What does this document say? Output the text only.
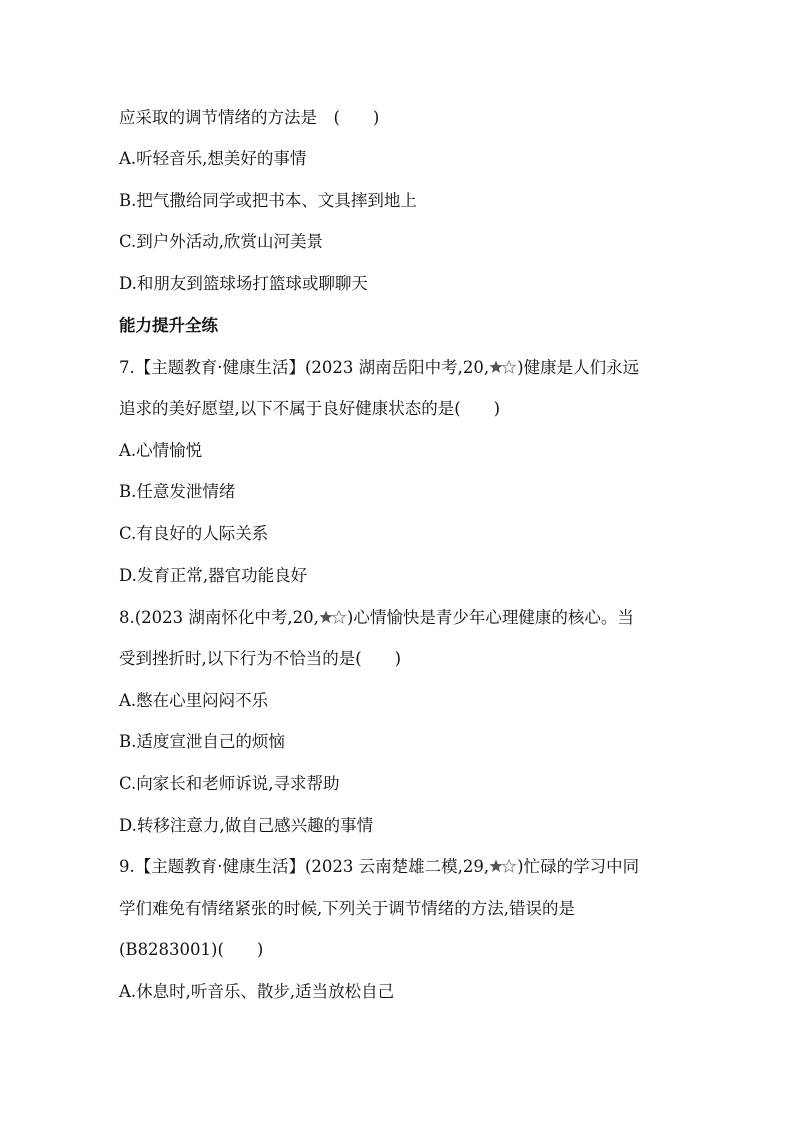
应采取的调节情绪的方法是　(　　)
A.听轻音乐,想美好的事情
B.把气撒给同学或把书本、文具摔到地上
C.到户外活动,欣赏山河美景
D.和朋友到篮球场打篮球或聊聊天
能力提升全练
7.【主题教育·健康生活】(2023 湖南岳阳中考,20, )健康是人们永远
追求的美好愿望,以下不属于良好健康状态的是(　　)
A.心情愉悦
B.任意发泄情绪
C.有良好的人际关系
D.发育正常,器官功能良好
8.(2023 湖南怀化中考,20, )心情愉快是青少年心理健康的核心。当
受到挫折时,以下行为不恰当的是(　　)
A.憋在心里闷闷不乐
B.适度宣泄自己的烦恼
C.向家长和老师诉说,寻求帮助
D.转移注意力,做自己感兴趣的事情
9.【主题教育·健康生活】(2023 云南楚雄二模,29, )忙碌的学习中同
学们难免有情绪紧张的时候,下列关于调节情绪的方法,错误的是
(B8283001)(　　)
A.休息时,听音乐、散步,适当放松自己
